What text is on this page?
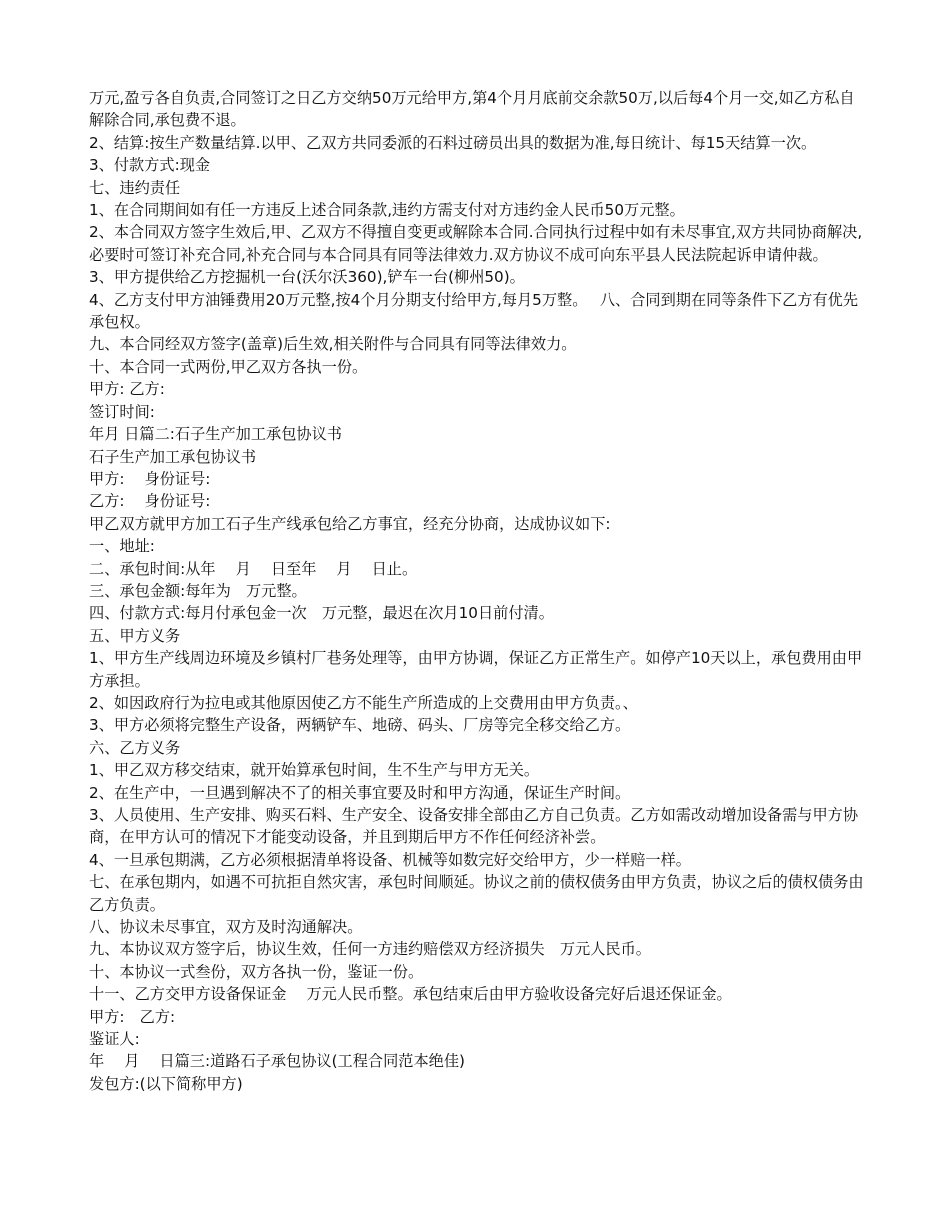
万元,盈亏各自负责,合同签订之日乙方交纳50万元给甲方,第4个月月底前交余款50万,以后每4个月一交,如乙方私自解除合同,承包费不退。

2、结算:按生产数量结算.以甲、乙双方共同委派的石料过磅员出具的数据为准,每日统计、每15天结算一次。

3、付款方式:现金

七、违约责任

1、在合同期间如有任一方违反上述合同条款,违约方需支付对方违约金人民币50万元整。

2、本合同双方签字生效后,甲、乙双方不得擅自变更或解除本合同.合同执行过程中如有未尽事宜,双方共同协商解决,必要时可签订补充合同,补充合同与本合同具有同等法律效力.双方协议不成可向东平县人民法院起诉申请仲裁。

3、甲方提供给乙方挖掘机一台(沃尔沃360),铲车一台(柳州50)。

4、乙方支付甲方油锤费用20万元整,按4个月分期支付给甲方,每月5万整。　 八、合同到期在同等条件下乙方有优先承包权。

九、本合同经双方签字(盖章)后生效,相关附件与合同具有同等法律效力。

十、本合同一式两份,甲乙双方各执一份。

甲方: 乙方:

签订时间:

年月 日篇二:石子生产加工承包协议书

石子生产加工承包协议书

甲方:　 身份证号:

乙方:　 身份证号:

甲乙双方就甲方加工石子生产线承包给乙方事宜，经充分协商，达成协议如下:

一、地址:

二、承包时间:从年　 月　 日至年　 月　 日止。

三、承包金额:每年为　万元整。

四、付款方式:每月付承包金一次　万元整，最迟在次月10日前付清。

五、甲方义务

1、甲方生产线周边环境及乡镇村厂巷务处理等，由甲方协调，保证乙方正常生产。如停产10天以上，承包费用由甲方承担。

2、如因政府行为拉电或其他原因使乙方不能生产所造成的上交费用由甲方负责。、

3、甲方必须将完整生产设备，两辆铲车、地磅、码头、厂房等完全移交给乙方。

六、乙方义务

1、甲乙双方移交结束，就开始算承包时间，生不生产与甲方无关。

2、在生产中，一旦遇到解决不了的相关事宜要及时和甲方沟通，保证生产时间。

3、人员使用、生产安排、购买石料、生产安全、设备安排全部由乙方自己负责。乙方如需改动增加设备需与甲方协商，在甲方认可的情况下才能变动设备，并且到期后甲方不作任何经济补尝。

4、一旦承包期满，乙方必须根据清单将设备、机械等如数完好交给甲方，少一样赔一样。

七、在承包期内，如遇不可抗拒自然灾害，承包时间顺延。协议之前的债权债务由甲方负责，协议之后的债权债务由乙方负责。

八、协议未尽事宜，双方及时沟通解决。

九、本协议双方签字后，协议生效，任何一方违约赔偿双方经济损失　万元人民币。

十、本协议一式叁份，双方各执一份，鉴证一份。

十一、乙方交甲方设备保证金　 万元人民币整。承包结束后由甲方验收设备完好后退还保证金。

甲方:　乙方:

鉴证人:

年　 月　 日篇三:道路石子承包协议(工程合同范本绝佳)

发包方:(以下简称甲方)
